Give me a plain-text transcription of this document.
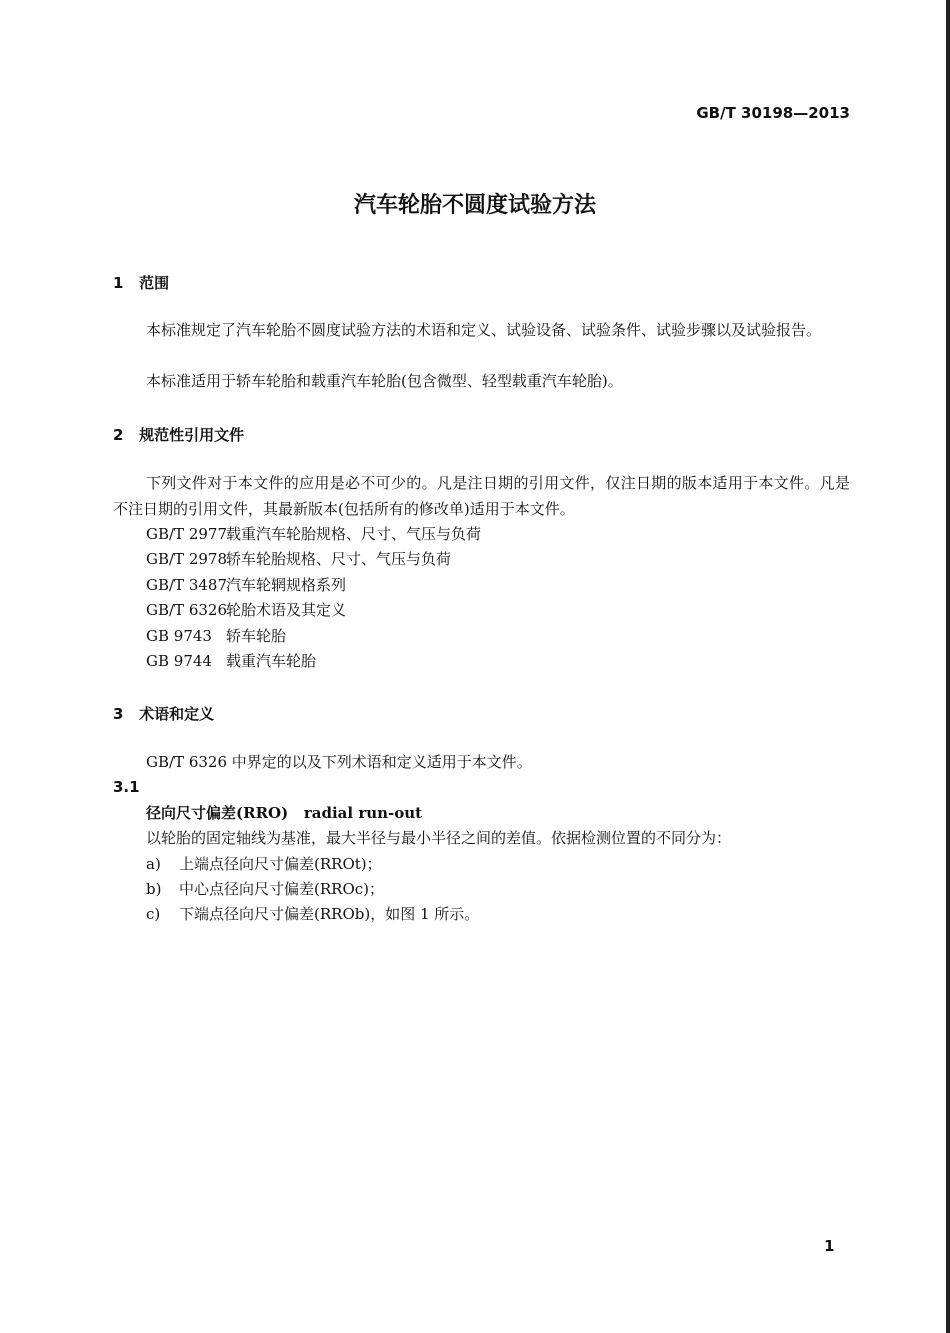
GB/T 30198—2013
汽车轮胎不圆度试验方法
1 范围
本标准规定了汽车轮胎不圆度试验方法的术语和定义、试验设备、试验条件、试验步骤以及试验报告。
本标准适用于轿车轮胎和载重汽车轮胎(包含微型、轻型载重汽车轮胎)。
2 规范性引用文件
下列文件对于本文件的应用是必不可少的。凡是注日期的引用文件，仅注日期的版本适用于本文件。凡是不注日期的引用文件，其最新版本(包括所有的修改单)适用于本文件。
GB/T 2977载重汽车轮胎规格、尺寸、气压与负荷
GB/T 2978轿车轮胎规格、尺寸、气压与负荷
GB/T 3487汽车轮辋规格系列
GB/T 6326轮胎术语及其定义
GB 9743 轿车轮胎
GB 9744 载重汽车轮胎
3 术语和定义
GB/T 6326 中界定的以及下列术语和定义适用于本文件。
3.1
径向尺寸偏差(RRO) radial run-out
以轮胎的固定轴线为基准，最大半径与最小半径之间的差值。依据检测位置的不同分为：
a) 上端点径向尺寸偏差(RROt)；
b) 中心点径向尺寸偏差(RROc)；
c) 下端点径向尺寸偏差(RROb)，如图 1 所示。
1
